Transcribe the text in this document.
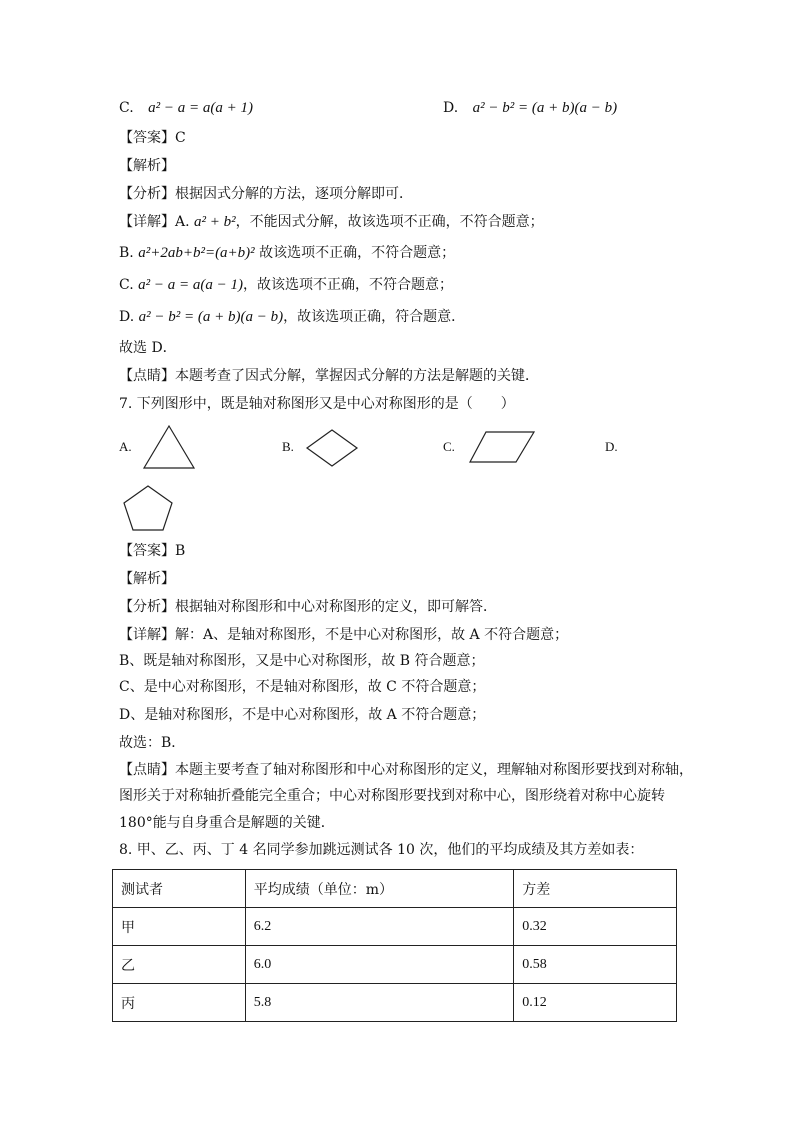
C. a² − a = a(a + 1)	D. a² − b² = (a + b)(a − b)
【答案】C
【解析】
【分析】根据因式分解的方法，逐项分解即可．
【详解】A. a² + b²，不能因式分解，故该选项不正确，不符合题意；
B. a²+2ab+b²=(a+b)² 故该选项不正确，不符合题意；
C. a² − a = a(a − 1)，故该选项不正确，不符合题意；
D. a² − b² = (a + b)(a − b)，故该选项正确，符合题意．
故选 D．
【点睛】本题考查了因式分解，掌握因式分解的方法是解题的关键．
7. 下列图形中，既是轴对称图形又是中心对称图形的是（　　）
A.	B.	C.	D.
【答案】B
【解析】
【分析】根据轴对称图形和中心对称图形的定义，即可解答．
【详解】解：A、是轴对称图形，不是中心对称图形，故 A 不符合题意；
B、既是轴对称图形，又是中心对称图形，故 B 符合题意；
C、是中心对称图形，不是轴对称图形，故 C 不符合题意；
D、是轴对称图形，不是中心对称图形，故 A 不符合题意；
故选：B．
【点睛】本题主要考查了轴对称图形和中心对称图形的定义，理解轴对称图形要找到对称轴，
图形关于对称轴折叠能完全重合；中心对称图形要找到对称中心，图形绕着对称中心旋转
180°能与自身重合是解题的关键．
8. 甲、乙、丙、丁 4 名同学参加跳远测试各 10 次，他们的平均成绩及其方差如表：
测试者	平均成绩（单位：m）	方差
甲	6.2	0.32
乙	6.0	0.58
丙	5.8	0.12
